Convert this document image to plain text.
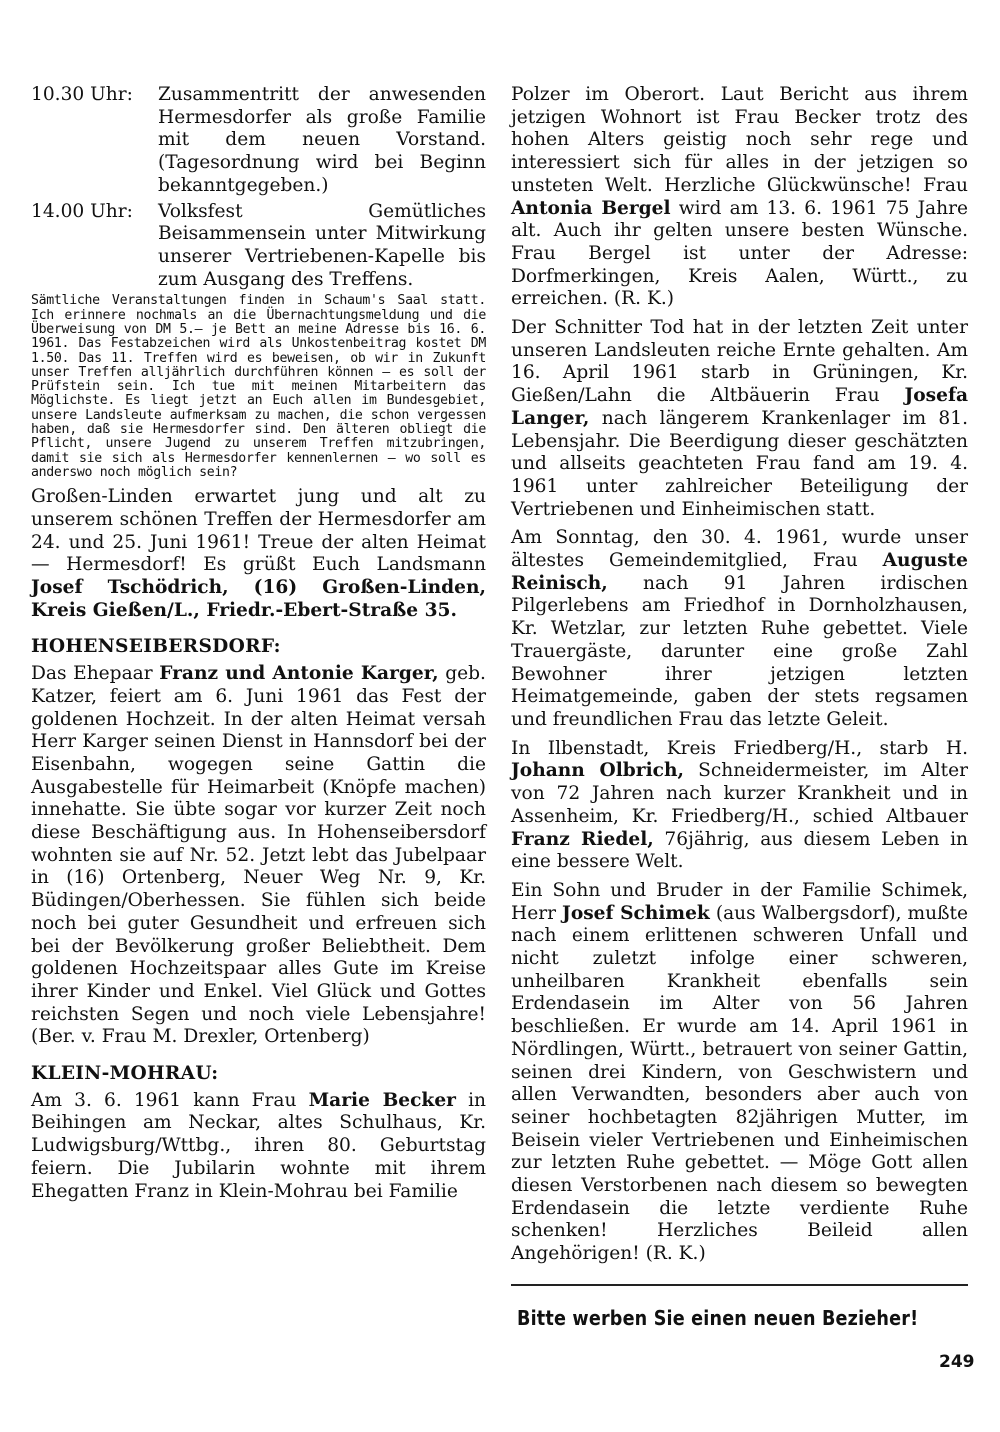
10.30 Uhr:	Zusammentritt der anwesenden Hermesdorfer als große Familie mit dem neuen Vorstand. (Tagesordnung wird bei Beginn bekanntgegeben.)
14.00 Uhr:	Volksfest Gemütliches Beisammensein unter Mitwirkung unserer Vertriebenen-Kapelle bis zum Ausgang des Treffens.

Sämtliche Veranstaltungen finden in Schaum's Saal statt. Ich erinnere nochmals an die Übernachtungsmeldung und die Überweisung von DM 5.— je Bett an meine Adresse bis 16. 6. 1961. Das Festabzeichen wird als Unkostenbeitrag kostet DM 1.50. Das 11. Treffen wird es beweisen, ob wir in Zukunft unser Treffen alljährlich durchführen können — es soll der Prüfstein sein. Ich tue mit meinen Mitarbeitern das Möglichste. Es liegt jetzt an Euch allen im Bundesgebiet, unsere Landsleute aufmerksam zu machen, die schon vergessen haben, daß sie Hermesdorfer sind. Den älteren obliegt die Pflicht, unsere Jugend zu unserem Treffen mitzubringen, damit sie sich als Hermesdorfer kennenlernen — wo soll es anderswo noch möglich sein?

Großen-Linden erwartet jung und alt zu unserem schönen Treffen der Hermesdorfer am 24. und 25. Juni 1961! Treue der alten Heimat — Hermesdorf! Es grüßt Euch Landsmann Josef Tschödrich, (16) Großen-Linden, Kreis Gießen/L., Friedr.-Ebert-Straße 35.

HOHENSEIBERSDORF:

Das Ehepaar Franz und Antonie Karger, geb. Katzer, feiert am 6. Juni 1961 das Fest der goldenen Hochzeit. In der alten Heimat versah Herr Karger seinen Dienst in Hannsdorf bei der Eisenbahn, wogegen seine Gattin die Ausgabestelle für Heimarbeit (Knöpfe machen) innehatte. Sie übte sogar vor kurzer Zeit noch diese Beschäftigung aus. In Hohenseibersdorf wohnten sie auf Nr. 52. Jetzt lebt das Jubelpaar in (16) Ortenberg, Neuer Weg Nr. 9, Kr. Büdingen/Oberhessen. Sie fühlen sich beide noch bei guter Gesundheit und erfreuen sich bei der Bevölkerung großer Beliebtheit. Dem goldenen Hochzeitspaar alles Gute im Kreise ihrer Kinder und Enkel. Viel Glück und Gottes reichsten Segen und noch viele Lebensjahre! (Ber. v. Frau M. Drexler, Ortenberg)

KLEIN-MOHRAU:

Am 3. 6. 1961 kann Frau Marie Becker in Beihingen am Neckar, altes Schulhaus, Kr. Ludwigsburg/Wttbg., ihren 80. Geburtstag feiern. Die Jubilarin wohnte mit ihrem Ehegatten Franz in Klein-Mohrau bei Familie

Polzer im Oberort. Laut Bericht aus ihrem jetzigen Wohnort ist Frau Becker trotz des hohen Alters geistig noch sehr rege und interessiert sich für alles in der jetzigen so unsteten Welt. Herzliche Glückwünsche! Frau Antonia Bergel wird am 13. 6. 1961 75 Jahre alt. Auch ihr gelten unsere besten Wünsche. Frau Bergel ist unter der Adresse: Dorfmerkingen, Kreis Aalen, Württ., zu erreichen. (R. K.)

Der Schnitter Tod hat in der letzten Zeit unter unseren Landsleuten reiche Ernte gehalten. Am 16. April 1961 starb in Grüningen, Kr. Gießen/Lahn die Altbäuerin Frau Josefa Langer, nach längerem Krankenlager im 81. Lebensjahr. Die Beerdigung dieser geschätzten und allseits geachteten Frau fand am 19. 4. 1961 unter zahlreicher Beteiligung der Vertriebenen und Einheimischen statt.

Am Sonntag, den 30. 4. 1961, wurde unser ältestes Gemeindemitglied, Frau Auguste Reinisch, nach 91 Jahren irdischen Pilgerlebens am Friedhof in Dornholzhausen, Kr. Wetzlar, zur letzten Ruhe gebettet. Viele Trauergäste, darunter eine große Zahl Bewohner ihrer jetzigen letzten Heimatgemeinde, gaben der stets regsamen und freundlichen Frau das letzte Geleit.

In Ilbenstadt, Kreis Friedberg/H., starb H. Johann Olbrich, Schneidermeister, im Alter von 72 Jahren nach kurzer Krankheit und in Assenheim, Kr. Friedberg/H., schied Altbauer Franz Riedel, 76jährig, aus diesem Leben in eine bessere Welt.

Ein Sohn und Bruder in der Familie Schimek, Herr Josef Schimek (aus Walbergsdorf), mußte nach einem erlittenen schweren Unfall und nicht zuletzt infolge einer schweren, unheilbaren Krankheit ebenfalls sein Erdendasein im Alter von 56 Jahren beschließen. Er wurde am 14. April 1961 in Nördlingen, Württ., betrauert von seiner Gattin, seinen drei Kindern, von Geschwistern und allen Verwandten, besonders aber auch von seiner hochbetagten 82jährigen Mutter, im Beisein vieler Vertriebenen und Einheimischen zur letzten Ruhe gebettet. — Möge Gott allen diesen Verstorbenen nach diesem so bewegten Erdendasein die letzte verdiente Ruhe schenken! Herzliches Beileid allen Angehörigen! (R. K.)

Bitte werben Sie einen neuen Bezieher!
249
